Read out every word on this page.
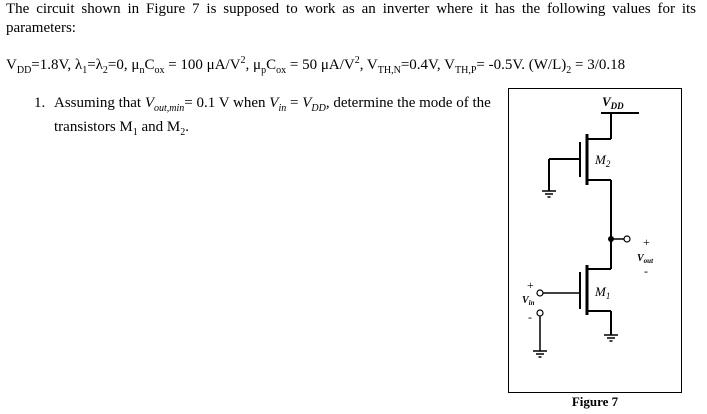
The circuit shown in Figure 7 is supposed to work as an inverter where it has the following values for its parameters:
$V_{DD}=1.8V$, $\lambda_1=\lambda_2=0$, $\mu_nC_{ox} = 100$ $\mu A/V^2$, $\mu_pC_{ox} = 50$ $\mu A/V^2$, $V_{TH,N}=0.4V$, $V_{TH,P}= -0.5V$. $(W/L)_2 = 3/0.18$
1. Assuming that $V_{out,min}= 0.1$ V when $V_{in} = V_{DD}$, determine the mode of the transistors $M_1$ and $M_2$.
$V_{DD}$
$M_2$
+
$V_{out}$
-
$M_1$
+
$V_{in}$
-
Figure 7
